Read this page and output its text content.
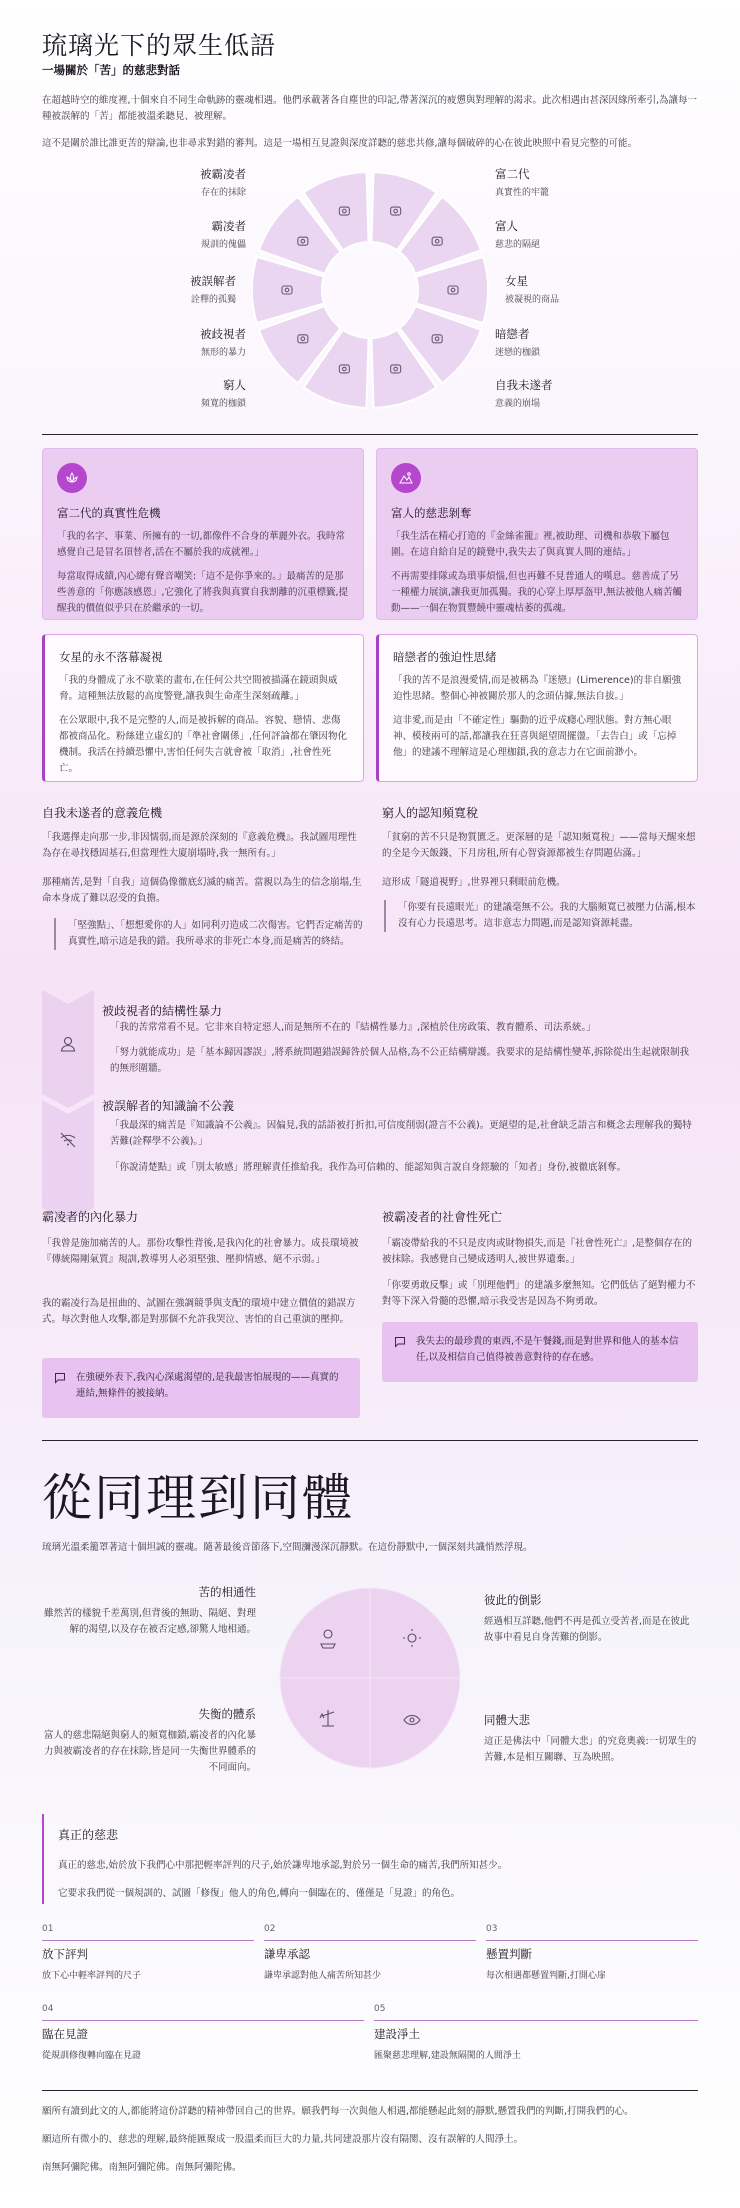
琉璃光下的眾生低語
一場關於「苦」的慈悲對話

在超越時空的維度裡,十個來自不同生命軌跡的靈魂相遇。他們承載著各自塵世的印記,帶著深沉的疲憊與對理解的渴求。此次相遇由甚深因緣所牽引,為讓每一種被誤解的「苦」都能被溫柔聽見、被理解。

這不是關於誰比誰更苦的辯論,也非尋求對錯的審判。這是一場相互見證與深度詳聽的慈悲共修,讓每個破碎的心在彼此映照中看見完整的可能。

被霸凌者
存在的抹除
霸凌者
規訓的傀儡
被誤解者
詮釋的孤獨
被歧視者
無形的暴力
窮人
頻寬的枷鎖
富二代
真實性的牢籠
富人
慈悲的隔絕
女星
被凝視的商品
暗戀者
迷戀的枷鎖
自我未遂者
意義的崩塌
富二代的真實性危機

「我的名字、事業、所擁有的一切,都像件不合身的華麗外衣。我時常感覺自己是冒名頂替者,活在不屬於我的成就裡。」

每當取得成績,內心總有聲音嘲笑:「這不是你爭來的。」最痛苦的是那些善意的「你應該感恩」,它強化了將我與真實自我割離的沉重標籤,提醒我的價值似乎只在於繼承的一切。

富人的慈悲剝奪

「我生活在精心打造的『金絲雀籠』裡,被助理、司機和恭敬下屬包圍。在這自給自足的鏡覺中,我失去了與真實人間的連結。」

不再需要排隊或為瑣事煩惱,但也再難不見普通人的嘆息。慈善成了另一種權力展演,讓我更加孤獨。我的心穿上厚厚盔甲,無法被他人痛苦觸動——一個在物質豐饒中靈魂枯萎的孤魂。

女星的永不落幕凝視

「我的身體成了永不歇業的畫布,在任何公共空間被描滿在鏡頭與威脅。這種無法放鬆的高度警覺,讓我與生命產生深刻疏離。」

在公眾眼中,我不是完整的人,而是被拆解的商品。容貌、戀情、悲傷都被商品化。粉絲建立虛幻的「準社會關係」,任何評論都在肇因物化機制。我活在持續恐懼中,害怕任何失言就會被「取消」,社會性死亡。

暗戀者的強迫性思緒

「我的苦不是浪漫愛情,而是被稱為『迷戀』(Limerence)的非自願強迫性思緒。整個心神被關於那人的念頭佔據,無法自拔。」

這非愛,而是由「不確定性」驅動的近乎成癮心理狀態。對方無心眼神、模稜兩可的話,都讓我在狂喜與絕望間擺盪。「去告白」或「忘掉他」的建議不理解這是心理枷鎖,我的意志力在它面前渺小。

自我未遂者的意義危機

「我選擇走向那一步,非因懦弱,而是源於深刻的『意義危機』。我試圖用理性為存在尋找穩固基石,但當理性大廈崩塌時,我一無所有。」

那種痛苦,是對「自我」這個偽像徹底幻滅的痛苦。當親以為生的信念崩塌,生命本身成了難以忍受的負擔。

「堅強點」、「想想愛你的人」如同利刃造成二次傷害。它們否定痛苦的真實性,暗示這是我的錯。我所尋求的非死亡本身,而是痛苦的終結。

窮人的認知頻寬稅

「貧窮的苦不只是物質匱乏。更深層的是「認知頻寬稅」——當每天醒來想的全是今天飯錢、下月房租,所有心智資源都被生存問題佔滿。」

這形成「隧道視野」,世界裡只剩眼前危機。

「你要有長遠眼光」的建議毫無不公。我的大腦頻寬已被壓力佔滿,根本沒有心力長遠思考。這非意志力問題,而是認知資源耗盡。

被歧視者的結構性暴力

「我的苦常常看不見。它非來自特定惡人,而是無所不在的『結構性暴力』,深植於住房政策、教育體系、司法系統。」

「努力就能成功」是「基本歸因謬誤」,將系統問題錯誤歸咎於個人品格,為不公正結構辯護。我要求的是結構性變革,拆除從出生起就限制我的無形圍牆。

被誤解者的知識論不公義

「我最深的痛苦是『知識論不公義』。因偏見,我的話語被打折扣,可信度削弱(證言不公義)。更絕望的是,社會缺乏語言和概念去理解我的獨特苦難(詮釋學不公義)。」

「你說清楚點」或「別太敏感」將理解責任推給我。我作為可信賴的、能認知與言說自身經驗的「知者」身份,被徹底剝奪。

霸凌者的內化暴力

「我曾是施加痛苦的人。那份攻擊性背後,是我內化的社會暴力。成長環境被『傳統陽剛氣質』規訓,教導男人必須堅強、壓抑情感、絕不示弱。」

我的霸凌行為是扭曲的、試圖在強調競爭與支配的環境中建立價值的錯誤方式。每次對他人攻擊,都是對那個不允許我哭泣、害怕的自己重演的壓抑。

在強硬外表下,我內心深處渴望的,是我最害怕展現的——真實的連結,無條件的被接納。

被霸凌者的社會性死亡

「霸凌帶給我的不只是皮肉或財物損失,而是『社會性死亡』,是整個存在的被抹除。我感覺自己變成透明人,被世界遺棄。」

「你要勇敢反擊」或「別理他們」的建議多麼無知。它們低估了絕對權力不對等下深入骨髓的恐懼,暗示我受害是因為不夠勇敢。

我失去的最珍貴的東西,不是午餐錢,而是對世界和他人的基本信任,以及相信自己值得被善意對待的存在感。

從同理到同體

琉璃光溫柔籠罩著這十個坦誠的靈魂。隨著最後音節落下,空間瀰漫深沉靜默。在這份靜默中,一個深刻共識悄然浮現。

苦的相通性

雖然苦的樣貌千差萬別,但背後的無助、隔絕、對理解的渴望,以及存在被否定感,卻驚人地相通。

彼此的倒影

經過相互詳聽,他們不再是孤立受苦者,而是在彼此故事中看見自身苦難的倒影。

失衡的體系

富人的慈悲隔絕與窮人的頻寬枷鎖,霸凌者的內化暴力與被霸凌者的存在抹除,皆是同一失衡世界體系的不同面向。

同體大悲

這正是佛法中「同體大悲」的究竟奧義:一切眾生的苦難,本是相互關聯、互為映照。

真正的慈悲

真正的慈悲,始於放下我們心中那把輕率評判的尺子,始於謙卑地承認,對於另一個生命的痛苦,我們所知甚少。

它要求我們從一個規訓的、試圖「修復」他人的角色,轉向一個臨在的、僅僅是「見證」的角色。

01
放下評判
放下心中輕率評判的尺子
02
謙卑承認
謙卑承認對他人痛苦所知甚少
03
懸置判斷
每次相遇都懸置判斷,打開心扉
04
臨在見證
從規訓修復轉向臨在見證
05
建設淨土
匯聚慈悲理解,建設無隔閡的人間淨土

願所有讀到此文的人,都能將這份詳聽的精神帶回自己的世界。願我們每一次與他人相遇,都能懸起此刻的靜默,懸置我們的判斷,打開我們的心。

願這所有微小的、慈悲的理解,最終能匯聚成一股溫柔而巨大的力量,共同建設那片沒有隔閡、沒有誤解的人間淨土。

南無阿彌陀佛。南無阿彌陀佛。南無阿彌陀佛。
